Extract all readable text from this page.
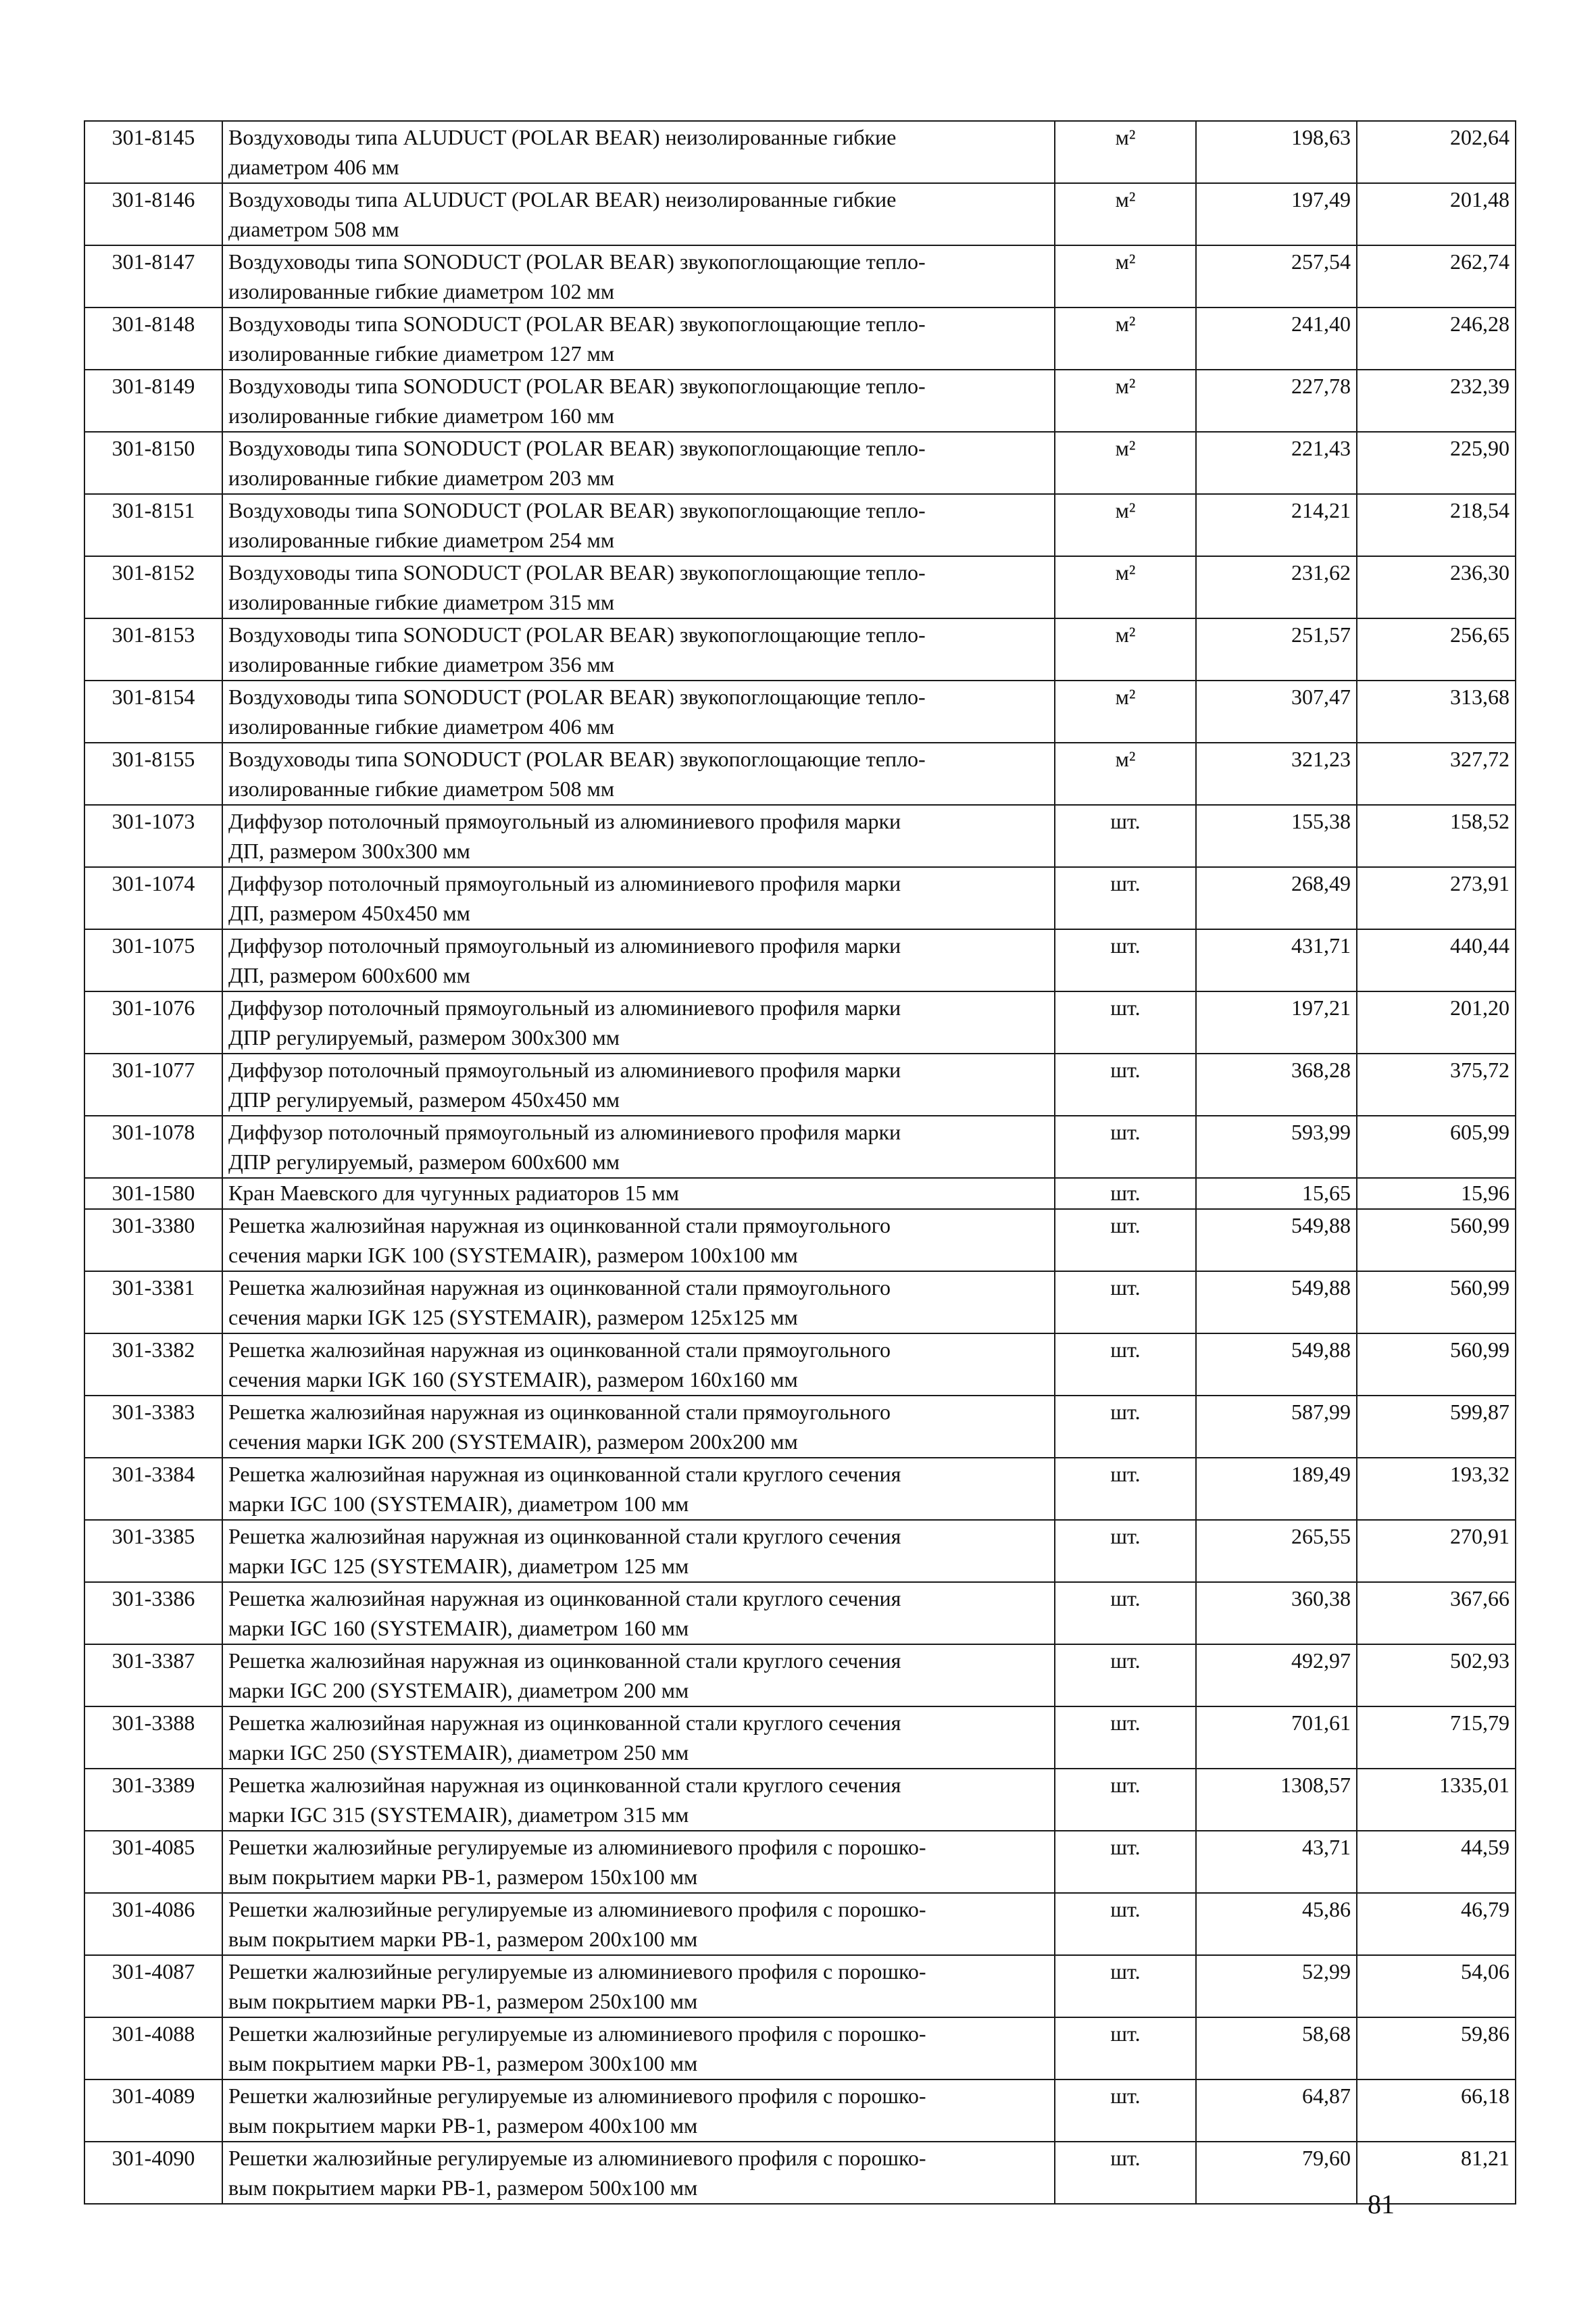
301-8145	Воздуховоды типа ALUDUCT (POLAR BEAR) неизолированные гибкие
диаметром 406 мм	м²	198,63	202,64
301-8146	Воздуховоды типа ALUDUCT (POLAR BEAR) неизолированные гибкие
диаметром 508 мм	м²	197,49	201,48
301-8147	Воздуховоды типа SONODUCT (POLAR BEAR) звукопоглощающие тепло-
изолированные гибкие диаметром 102 мм	м²	257,54	262,74
301-8148	Воздуховоды типа SONODUCT (POLAR BEAR) звукопоглощающие тепло-
изолированные гибкие диаметром 127 мм	м²	241,40	246,28
301-8149	Воздуховоды типа SONODUCT (POLAR BEAR) звукопоглощающие тепло-
изолированные гибкие диаметром 160 мм	м²	227,78	232,39
301-8150	Воздуховоды типа SONODUCT (POLAR BEAR) звукопоглощающие тепло-
изолированные гибкие диаметром 203 мм	м²	221,43	225,90
301-8151	Воздуховоды типа SONODUCT (POLAR BEAR) звукопоглощающие тепло-
изолированные гибкие диаметром 254 мм	м²	214,21	218,54
301-8152	Воздуховоды типа SONODUCT (POLAR BEAR) звукопоглощающие тепло-
изолированные гибкие диаметром 315 мм	м²	231,62	236,30
301-8153	Воздуховоды типа SONODUCT (POLAR BEAR) звукопоглощающие тепло-
изолированные гибкие диаметром 356 мм	м²	251,57	256,65
301-8154	Воздуховоды типа SONODUCT (POLAR BEAR) звукопоглощающие тепло-
изолированные гибкие диаметром 406 мм	м²	307,47	313,68
301-8155	Воздуховоды типа SONODUCT (POLAR BEAR) звукопоглощающие тепло-
изолированные гибкие диаметром 508 мм	м²	321,23	327,72
301-1073	Диффузор потолочный прямоугольный из алюминиевого профиля марки
ДП, размером 300x300 мм	шт.	155,38	158,52
301-1074	Диффузор потолочный прямоугольный из алюминиевого профиля марки
ДП, размером 450x450 мм	шт.	268,49	273,91
301-1075	Диффузор потолочный прямоугольный из алюминиевого профиля марки
ДП, размером 600x600 мм	шт.	431,71	440,44
301-1076	Диффузор потолочный прямоугольный из алюминиевого профиля марки
ДПР регулируемый, размером 300x300 мм	шт.	197,21	201,20
301-1077	Диффузор потолочный прямоугольный из алюминиевого профиля марки
ДПР регулируемый, размером 450x450 мм	шт.	368,28	375,72
301-1078	Диффузор потолочный прямоугольный из алюминиевого профиля марки
ДПР регулируемый, размером 600x600 мм	шт.	593,99	605,99
301-1580	Кран Маевского для чугунных радиаторов 15 мм	шт.	15,65	15,96
301-3380	Решетка жалюзийная наружная из оцинкованной стали прямоугольного
сечения марки IGK 100 (SYSTEMAIR), размером 100x100 мм	шт.	549,88	560,99
301-3381	Решетка жалюзийная наружная из оцинкованной стали прямоугольного
сечения марки IGK 125 (SYSTEMAIR), размером 125x125 мм	шт.	549,88	560,99
301-3382	Решетка жалюзийная наружная из оцинкованной стали прямоугольного
сечения марки IGK 160 (SYSTEMAIR), размером 160x160 мм	шт.	549,88	560,99
301-3383	Решетка жалюзийная наружная из оцинкованной стали прямоугольного
сечения марки IGK 200 (SYSTEMAIR), размером 200x200 мм	шт.	587,99	599,87
301-3384	Решетка жалюзийная наружная из оцинкованной стали круглого сечения
марки IGC 100 (SYSTEMAIR), диаметром 100 мм	шт.	189,49	193,32
301-3385	Решетка жалюзийная наружная из оцинкованной стали круглого сечения
марки IGC 125 (SYSTEMAIR), диаметром 125 мм	шт.	265,55	270,91
301-3386	Решетка жалюзийная наружная из оцинкованной стали круглого сечения
марки IGC 160 (SYSTEMAIR), диаметром 160 мм	шт.	360,38	367,66
301-3387	Решетка жалюзийная наружная из оцинкованной стали круглого сечения
марки IGC 200 (SYSTEMAIR), диаметром 200 мм	шт.	492,97	502,93
301-3388	Решетка жалюзийная наружная из оцинкованной стали круглого сечения
марки IGC 250 (SYSTEMAIR), диаметром 250 мм	шт.	701,61	715,79
301-3389	Решетка жалюзийная наружная из оцинкованной стали круглого сечения
марки IGC 315 (SYSTEMAIR), диаметром 315 мм	шт.	1308,57	1335,01
301-4085	Решетки жалюзийные регулируемые из алюминиевого профиля с порошко-
вым покрытием марки РВ-1, размером 150x100 мм	шт.	43,71	44,59
301-4086	Решетки жалюзийные регулируемые из алюминиевого профиля с порошко-
вым покрытием марки РВ-1, размером 200x100 мм	шт.	45,86	46,79
301-4087	Решетки жалюзийные регулируемые из алюминиевого профиля с порошко-
вым покрытием марки РВ-1, размером 250x100 мм	шт.	52,99	54,06
301-4088	Решетки жалюзийные регулируемые из алюминиевого профиля с порошко-
вым покрытием марки РВ-1, размером 300x100 мм	шт.	58,68	59,86
301-4089	Решетки жалюзийные регулируемые из алюминиевого профиля с порошко-
вым покрытием марки РВ-1, размером 400x100 мм	шт.	64,87	66,18
301-4090	Решетки жалюзийные регулируемые из алюминиевого профиля с порошко-
вым покрытием марки РВ-1, размером 500x100 мм	шт.	79,60	81,21
81
